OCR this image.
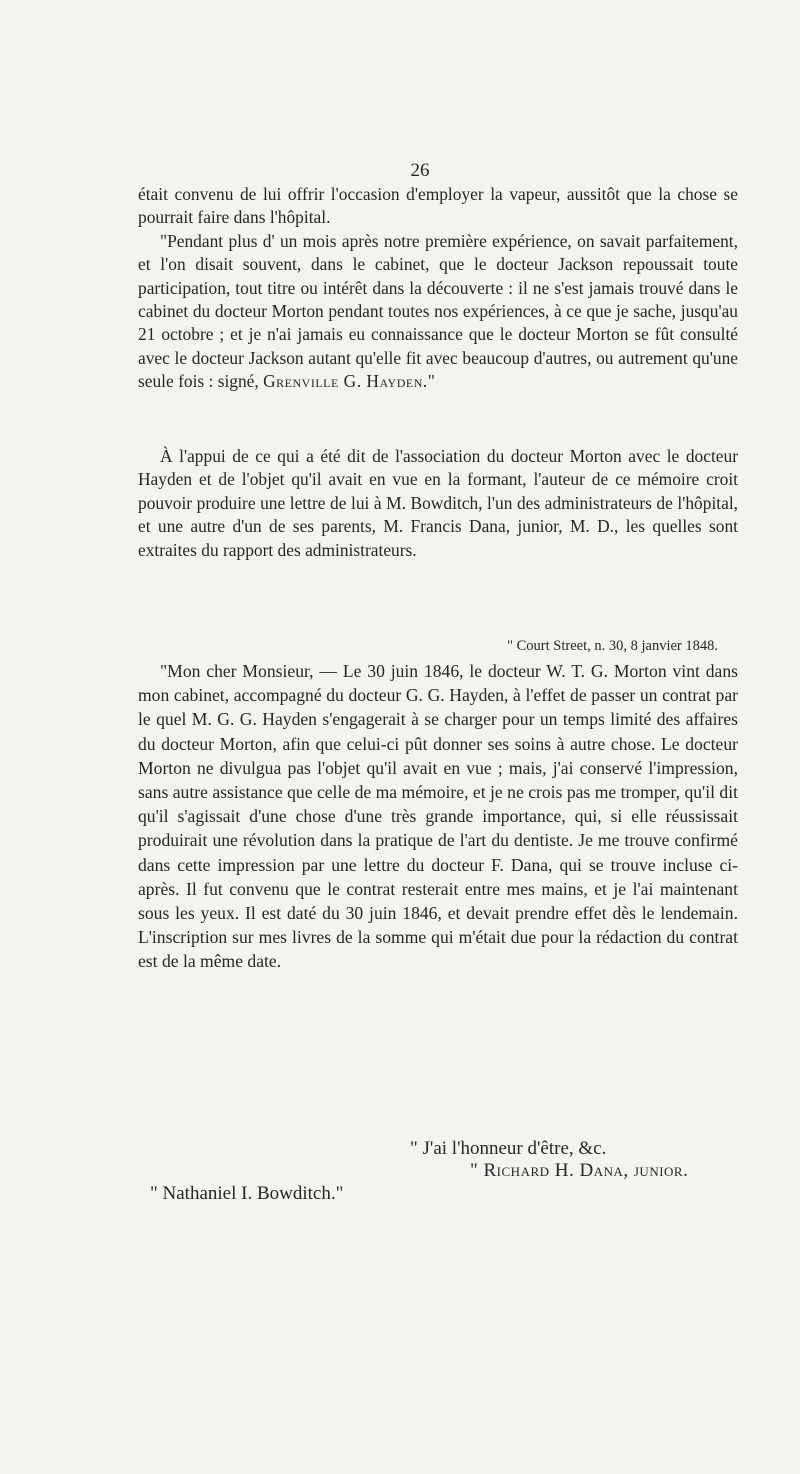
26

était convenu de lui offrir l'occasion d'employer la vapeur, aussitôt que la chose se pourrait faire dans l'hôpital.

"Pendant plus d' un mois après notre première expérience, on savait parfaitement, et l'on disait souvent, dans le cabinet, que le docteur Jackson repoussait toute participation, tout titre ou intérêt dans la découverte : il ne s'est jamais trouvé dans le cabinet du docteur Morton pendant toutes nos expériences, à ce que je sache, jusqu'au 21 octobre ; et je n'ai jamais eu connaissance que le docteur Morton se fût consulté avec le docteur Jackson autant qu'elle fit avec beaucoup d'autres, ou autrement qu'une seule fois : signé, Grenville G. Hayden."

À l'appui de ce qui a été dit de l'association du docteur Morton avec le docteur Hayden et de l'objet qu'il avait en vue en la formant, l'auteur de ce mémoire croit pouvoir produire une lettre de lui à M. Bowditch, l'un des administrateurs de l'hôpital, et une autre d'un de ses parents, M. Francis Dana, junior, M. D., les quelles sont extraites du rapport des administrateurs.

" Court Street, n. 30, 8 janvier 1848.

"Mon cher Monsieur, — Le 30 juin 1846, le docteur W. T. G. Morton vint dans mon cabinet, accompagné du docteur G. G. Hayden, à l'effet de passer un contrat par le quel M. G. G. Hayden s'engagerait à se charger pour un temps limité des affaires du docteur Morton, afin que celui-ci pût donner ses soins à autre chose. Le docteur Morton ne divulgua pas l'objet qu'il avait en vue ; mais, j'ai conservé l'impression, sans autre assistance que celle de ma mémoire, et je ne crois pas me tromper, qu'il dit qu'il s'agissait d'une chose d'une très grande importance, qui, si elle réussissait produirait une révolution dans la pratique de l'art du dentiste. Je me trouve confirmé dans cette impression par une lettre du docteur F. Dana, qui se trouve incluse ci-après. Il fut convenu que le contrat resterait entre mes mains, et je l'ai maintenant sous les yeux. Il est daté du 30 juin 1846, et devait prendre effet dès le lendemain. L'inscription sur mes livres de la somme qui m'était due pour la rédaction du contrat est de la même date.

" J'ai l'honneur d'être, &c.
" Richard H. Dana, junior.
" Nathaniel I. Bowditch."
